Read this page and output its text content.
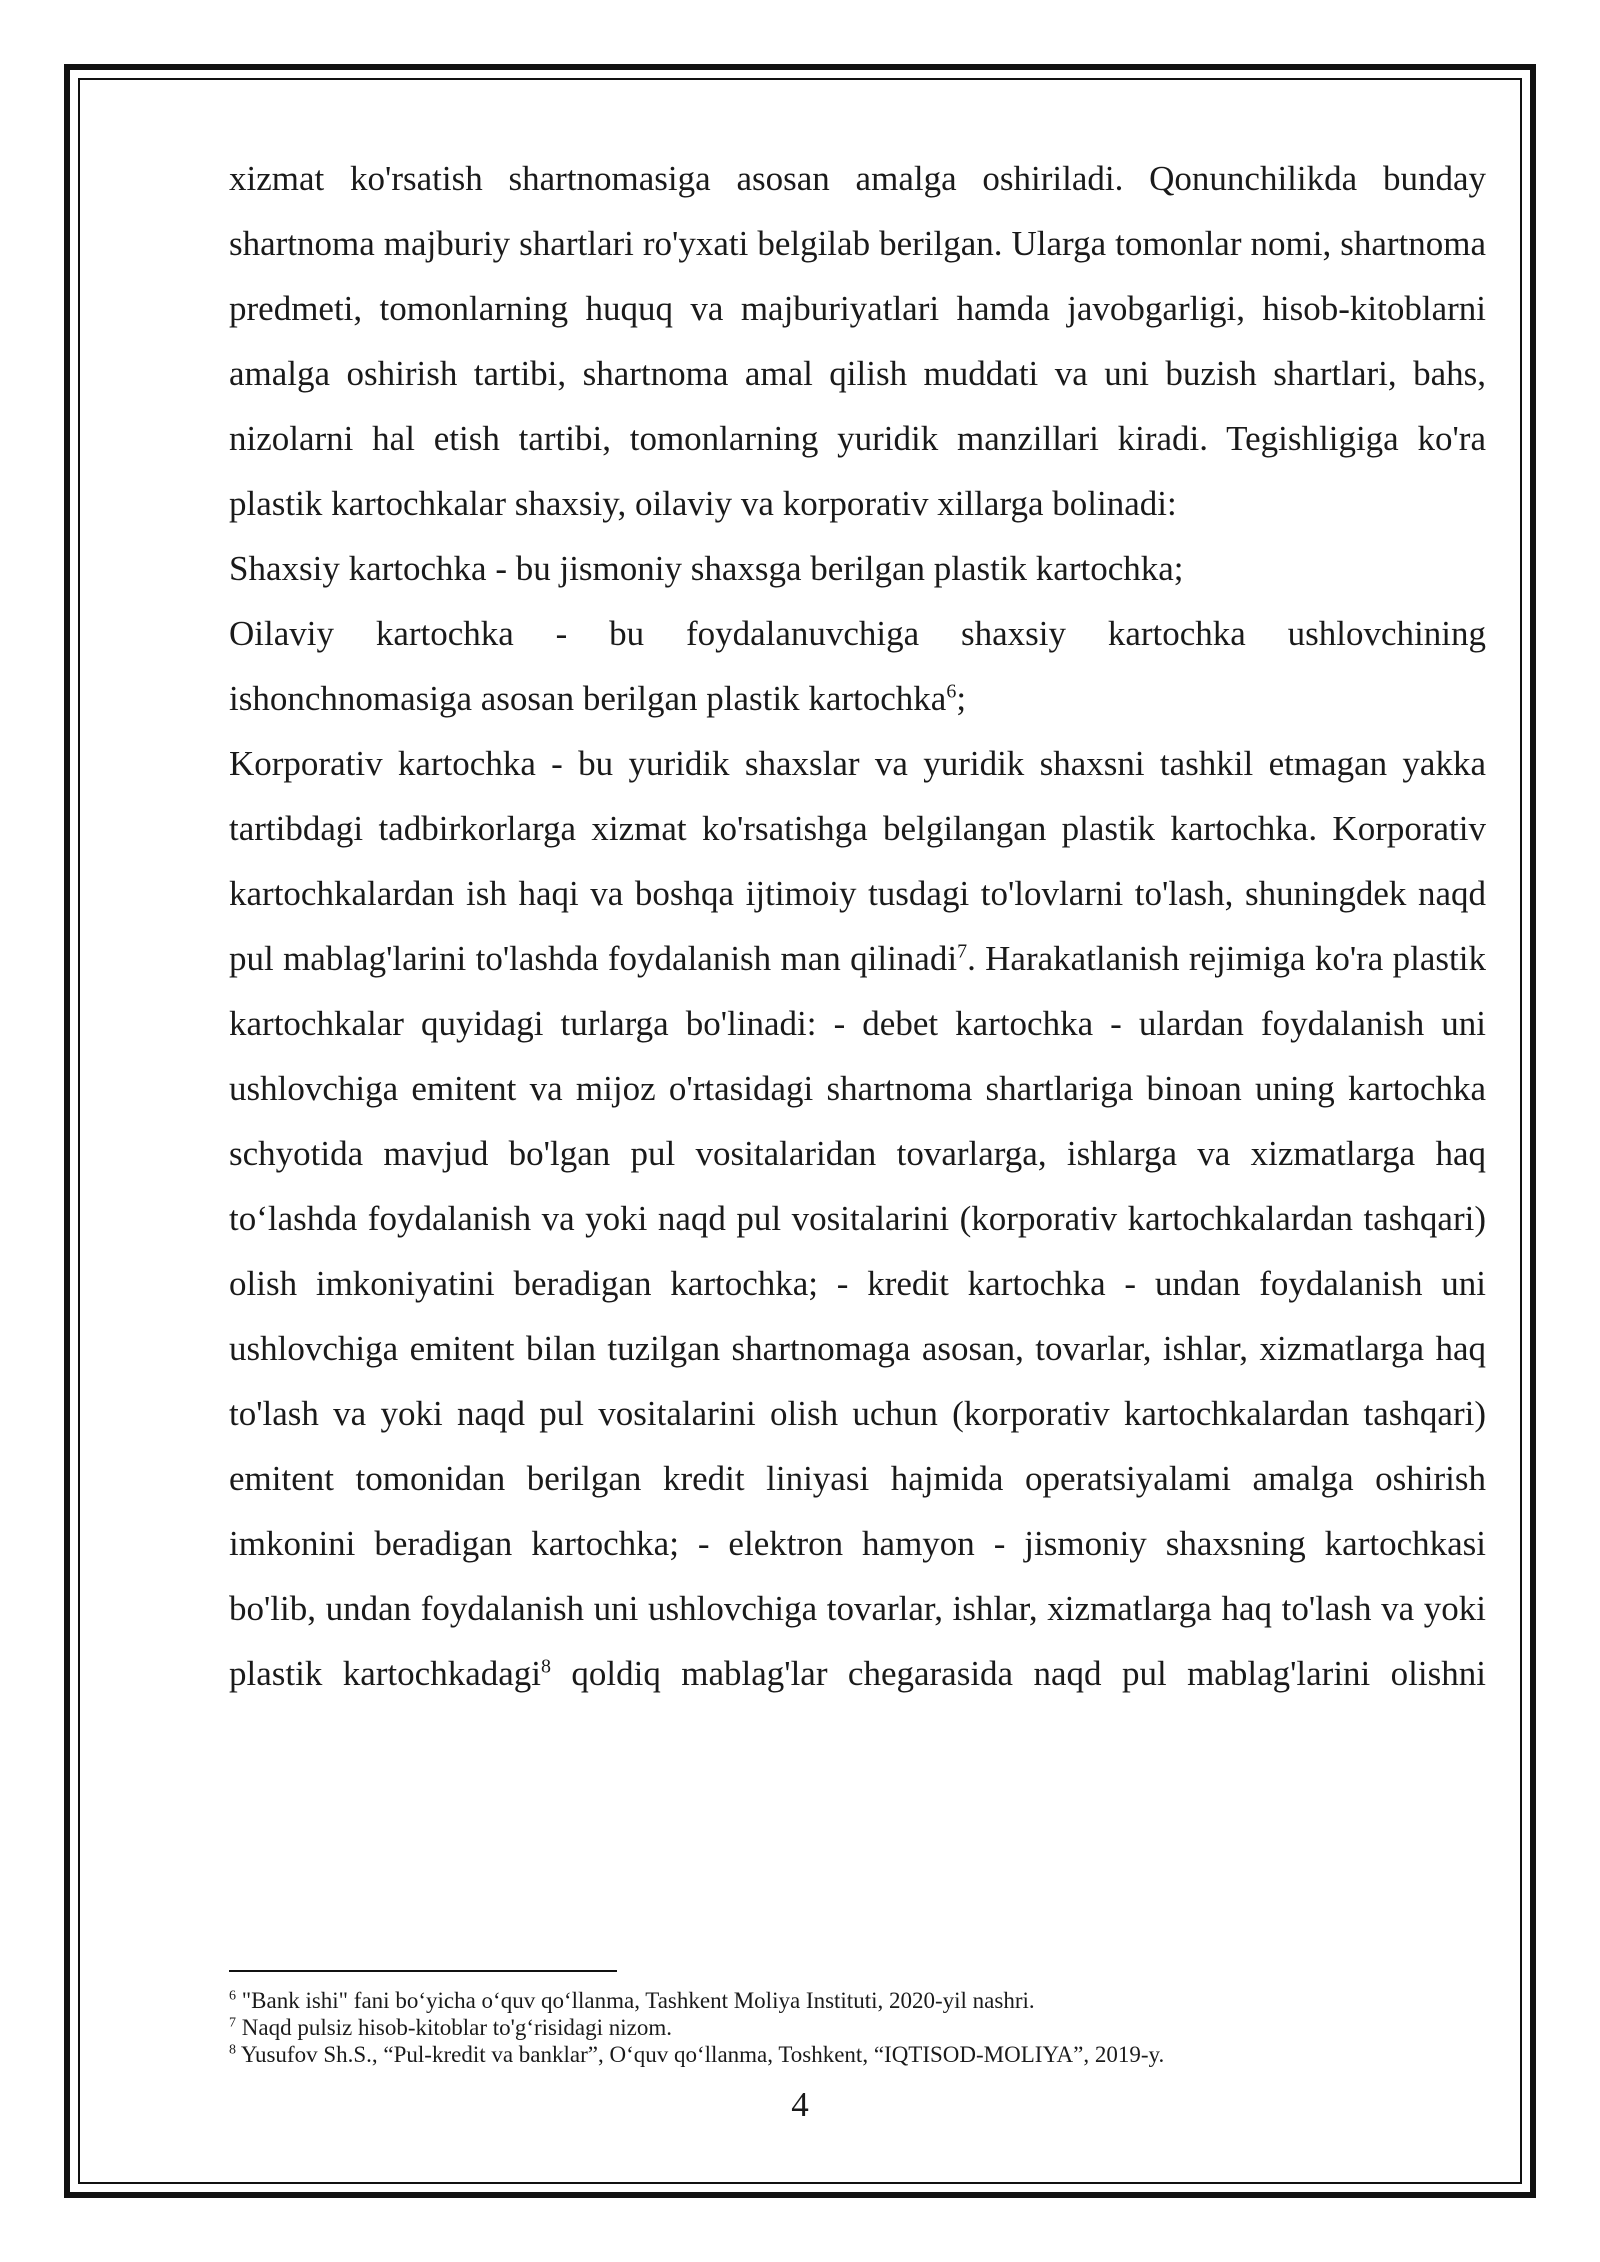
xizmat ko'rsatish shartnomasiga asosan amalga oshiriladi. Qonunchilikda bunday shartnoma majburiy shartlari ro'yxati belgilab berilgan. Ularga tomonlar nomi, shartnoma predmeti, tomonlarning huquq va majburiyatlari hamda javobgarligi, hisob-kitoblarni amalga oshirish tartibi, shartnoma amal qilish muddati va uni buzish shartlari, bahs, nizolarni hal etish tartibi, tomonlarning yuridik manzillari kiradi. Tegishligiga ko'ra plastik kartochkalar shaxsiy, oilaviy va korporativ xillarga bolinadi:

Shaxsiy kartochka - bu jismoniy shaxsga berilgan plastik kartochka;

Oilaviy kartochka - bu foydalanuvchiga shaxsiy kartochka ushlovchining ishonchnomasiga asosan berilgan plastik kartochka$^6$;

Korporativ kartochka - bu yuridik shaxslar va yuridik shaxsni tashkil etmagan yakka tartibdagi tadbirkorlarga xizmat ko'rsatishga belgilangan plastik kartochka. Korporativ kartochkalardan ish haqi va boshqa ijtimoiy tusdagi to'lovlarni to'lash, shuningdek naqd pul mablag'larini to'lashda foydalanish man qilinadi$^7$. Harakatlanish rejimiga ko'ra plastik kartochkalar quyidagi turlarga bo'linadi: - debet kartochka - ulardan foydalanish uni ushlovchiga emitent va mijoz o'rtasidagi shartnoma shartlariga binoan uning kartochka schyotida mavjud bo'lgan pul vositalaridan tovarlarga, ishlarga va xizmatlarga haq to‘lashda foydalanish va yoki naqd pul vositalarini (korporativ kartochkalardan tashqari) olish imkoniyatini beradigan kartochka; - kredit kartochka - undan foydalanish uni ushlovchiga emitent bilan tuzilgan shartnomaga asosan, tovarlar, ishlar, xizmatlarga haq to'lash va yoki naqd pul vositalarini olish uchun (korporativ kartochkalardan tashqari) emitent tomonidan berilgan kredit liniyasi hajmida operatsiyalami amalga oshirish imkonini beradigan kartochka; - elektron hamyon - jismoniy shaxsning kartochkasi bo'lib, undan foydalanish uni ushlovchiga tovarlar, ishlar, xizmatlarga haq to'lash va yoki plastik kartochkadagi$^8$ qoldiq mablag'lar chegarasida naqd pul mablag'larini olishni

$^6$ "Bank ishi" fani bo‘yicha o‘quv qo‘llanma, Tashkent Moliya Instituti, 2020-yil nashri.

$^7$ Naqd pulsiz hisob-kitoblar to'g‘risidagi nizom.

$^8$ Yusufov Sh.S., “Pul-kredit va banklar”, O‘quv qo‘llanma, Toshkent, “IQTISOD-MOLIYA”, 2019-y.

4
